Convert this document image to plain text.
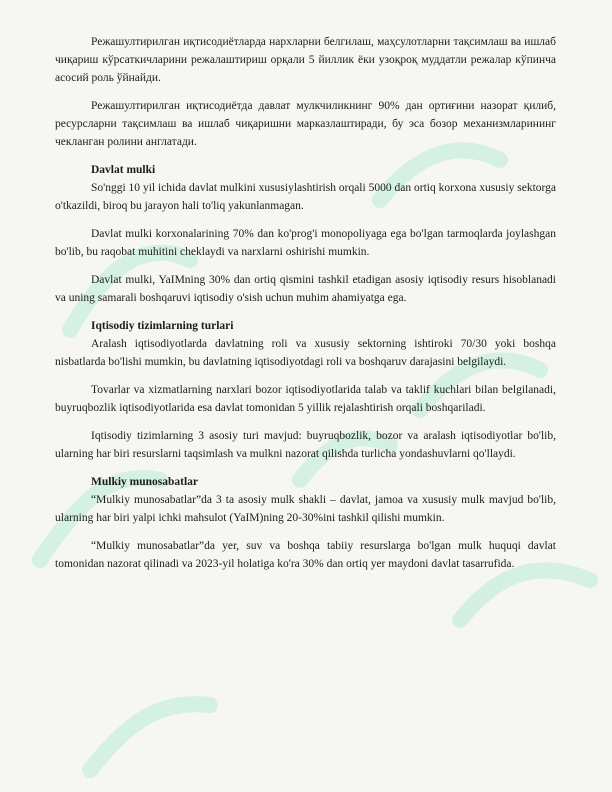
Режашултирилган иқтисодиётларда нархларни белгилаш, маҳсулотларни тақсимлаш ва ишлаб чиқариш кўрсаткичларини режалаштириш орқали 5 йиллик ёки узоқроқ муддатли режалар кўпинча асосий роль ўйнайди.

Режашултирилган иқтисодиётда давлат мулкчиликнинг 90% дан ортиғини назорат қилиб, ресурсларни тақсимлаш ва ишлаб чиқаришни марказлаштиради, бу эса бозор механизмларининг чекланган ролини англатади.

Davlat mulki

So'nggi 10 yil ichida davlat mulkini xususiylashtirish orqali 5000 dan ortiq korxona xususiy sektorga o'tkazildi, biroq bu jarayon hali to'liq yakunlanmagan.

Davlat mulki korxonalarining 70% dan ko'prog'i monopoliyaga ega bo'lgan tarmoqlarda joylashgan bo'lib, bu raqobat muhitini cheklaydi va narxlarni oshirishi mumkin.

Davlat mulki, YaIMning 30% dan ortiq qismini tashkil etadigan asosiy iqtisodiy resurs hisoblanadi va uning samarali boshqaruvi iqtisodiy o'sish uchun muhim ahamiyatga ega.

Iqtisodiy tizimlarning turlari

Aralash iqtisodiyotlarda davlatning roli va xususiy sektorning ishtiroki 70/30 yoki boshqa nisbatlarda bo'lishi mumkin, bu davlatning iqtisodiyotdagi roli va boshqaruv darajasini belgilaydi.

Tovarlar va xizmatlarning narxlari bozor iqtisodiyotlarida talab va taklif kuchlari bilan belgilanadi, buyruqbozlik iqtisodiyotlarida esa davlat tomonidan 5 yillik rejalashtirish orqali boshqariladi.

Iqtisodiy tizimlarning 3 asosiy turi mavjud: buyruqbozlik, bozor va aralash iqtisodiyotlar bo'lib, ularning har biri resurslarni taqsimlash va mulkni nazorat qilishda turlicha yondashuvlarni qo'llaydi.

Mulkiy munosabatlar

“Mulkiy munosabatlar”da 3 ta asosiy mulk shakli – davlat, jamoa va xususiy mulk mavjud bo'lib, ularning har biri yalpi ichki mahsulot (YaIM)ning 20-30%ini tashkil qilishi mumkin.

“Mulkiy munosabatlar”da yer, suv va boshqa tabiiy resurslarga bo'lgan mulk huquqi davlat tomonidan nazorat qilinadi va 2023-yil holatiga ko'ra 30% dan ortiq yer maydoni davlat tasarrufida.
